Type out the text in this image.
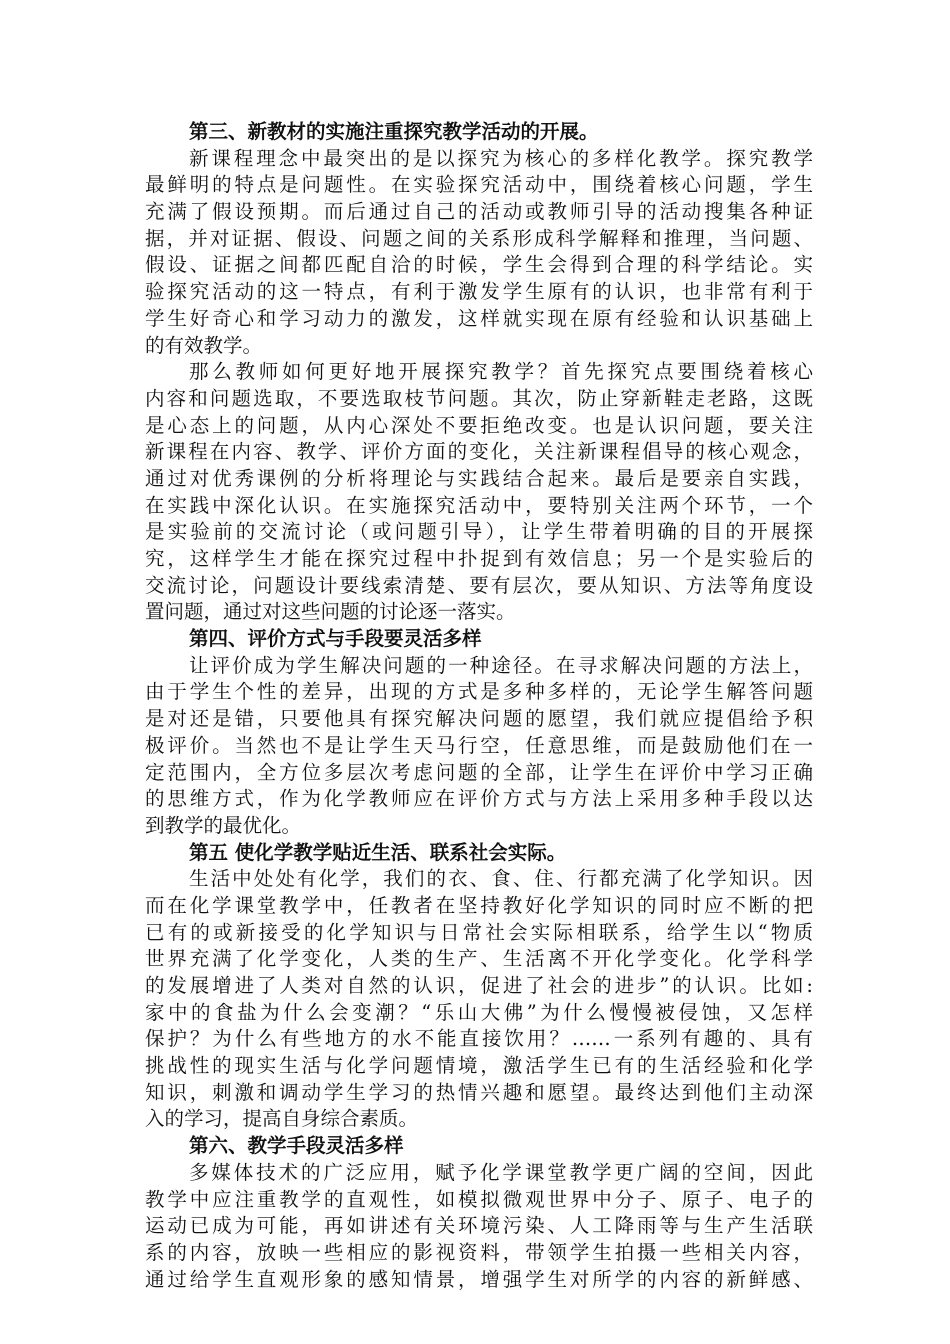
第三、新教材的实施注重探究教学活动的开展。
新课程理念中最突出的是以探究为核心的多样化教学。探究教学
最鲜明的特点是问题性。在实验探究活动中，围绕着核心问题，学生
充满了假设预期。而后通过自己的活动或教师引导的活动搜集各种证
据，并对证据、假设、问题之间的关系形成科学解释和推理，当问题、
假设、证据之间都匹配自洽的时候，学生会得到合理的科学结论。实
验探究活动的这一特点，有利于激发学生原有的认识，也非常有利于
学生好奇心和学习动力的激发，这样就实现在原有经验和认识基础上
的有效教学。
那么教师如何更好地开展探究教学？首先探究点要围绕着核心
内容和问题选取，不要选取枝节问题。其次，防止穿新鞋走老路，这既
是心态上的问题，从内心深处不要拒绝改变。也是认识问题，要关注
新课程在内容、教学、评价方面的变化，关注新课程倡导的核心观念，
通过对优秀课例的分析将理论与实践结合起来。最后是要亲自实践，
在实践中深化认识。在实施探究活动中，要特别关注两个环节，一个
是实验前的交流讨论（或问题引导），让学生带着明确的目的开展探
究，这样学生才能在探究过程中扑捉到有效信息；另一个是实验后的
交流讨论，问题设计要线索清楚、要有层次，要从知识、方法等角度设
置问题，通过对这些问题的讨论逐一落实。
第四、评价方式与手段要灵活多样
让评价成为学生解决问题的一种途径。在寻求解决问题的方法上，
由于学生个性的差异，出现的方式是多种多样的，无论学生解答问题
是对还是错，只要他具有探究解决问题的愿望，我们就应提倡给予积
极评价。当然也不是让学生天马行空，任意思维，而是鼓励他们在一
定范围内，全方位多层次考虑问题的全部，让学生在评价中学习正确
的思维方式，作为化学教师应在评价方式与方法上采用多种手段以达
到教学的最优化。
第五 使化学教学贴近生活、联系社会实际。
生活中处处有化学，我们的衣、食、住、行都充满了化学知识。因
而在化学课堂教学中，任教者在坚持教好化学知识的同时应不断的把
已有的或新接受的化学知识与日常社会实际相联系，给学生以“物质
世界充满了化学变化，人类的生产、生活离不开化学变化。化学科学
的发展增进了人类对自然的认识，促进了社会的进步”的认识。比如:
家中的食盐为什么会变潮？“乐山大佛”为什么慢慢被侵蚀，又怎样
保护？为什么有些地方的水不能直接饮用？……一系列有趣的、具有
挑战性的现实生活与化学问题情境，激活学生已有的生活经验和化学
知识，刺激和调动学生学习的热情兴趣和愿望。最终达到他们主动深
入的学习，提高自身综合素质。
第六、教学手段灵活多样
多媒体技术的广泛应用，赋予化学课堂教学更广阔的空间，因此
教学中应注重教学的直观性，如模拟微观世界中分子、原子、电子的
运动已成为可能，再如讲述有关环境污染、人工降雨等与生产生活联
系的内容，放映一些相应的影视资料，带领学生拍摄一些相关内容，
通过给学生直观形象的感知情景，增强学生对所学的内容的新鲜感、
